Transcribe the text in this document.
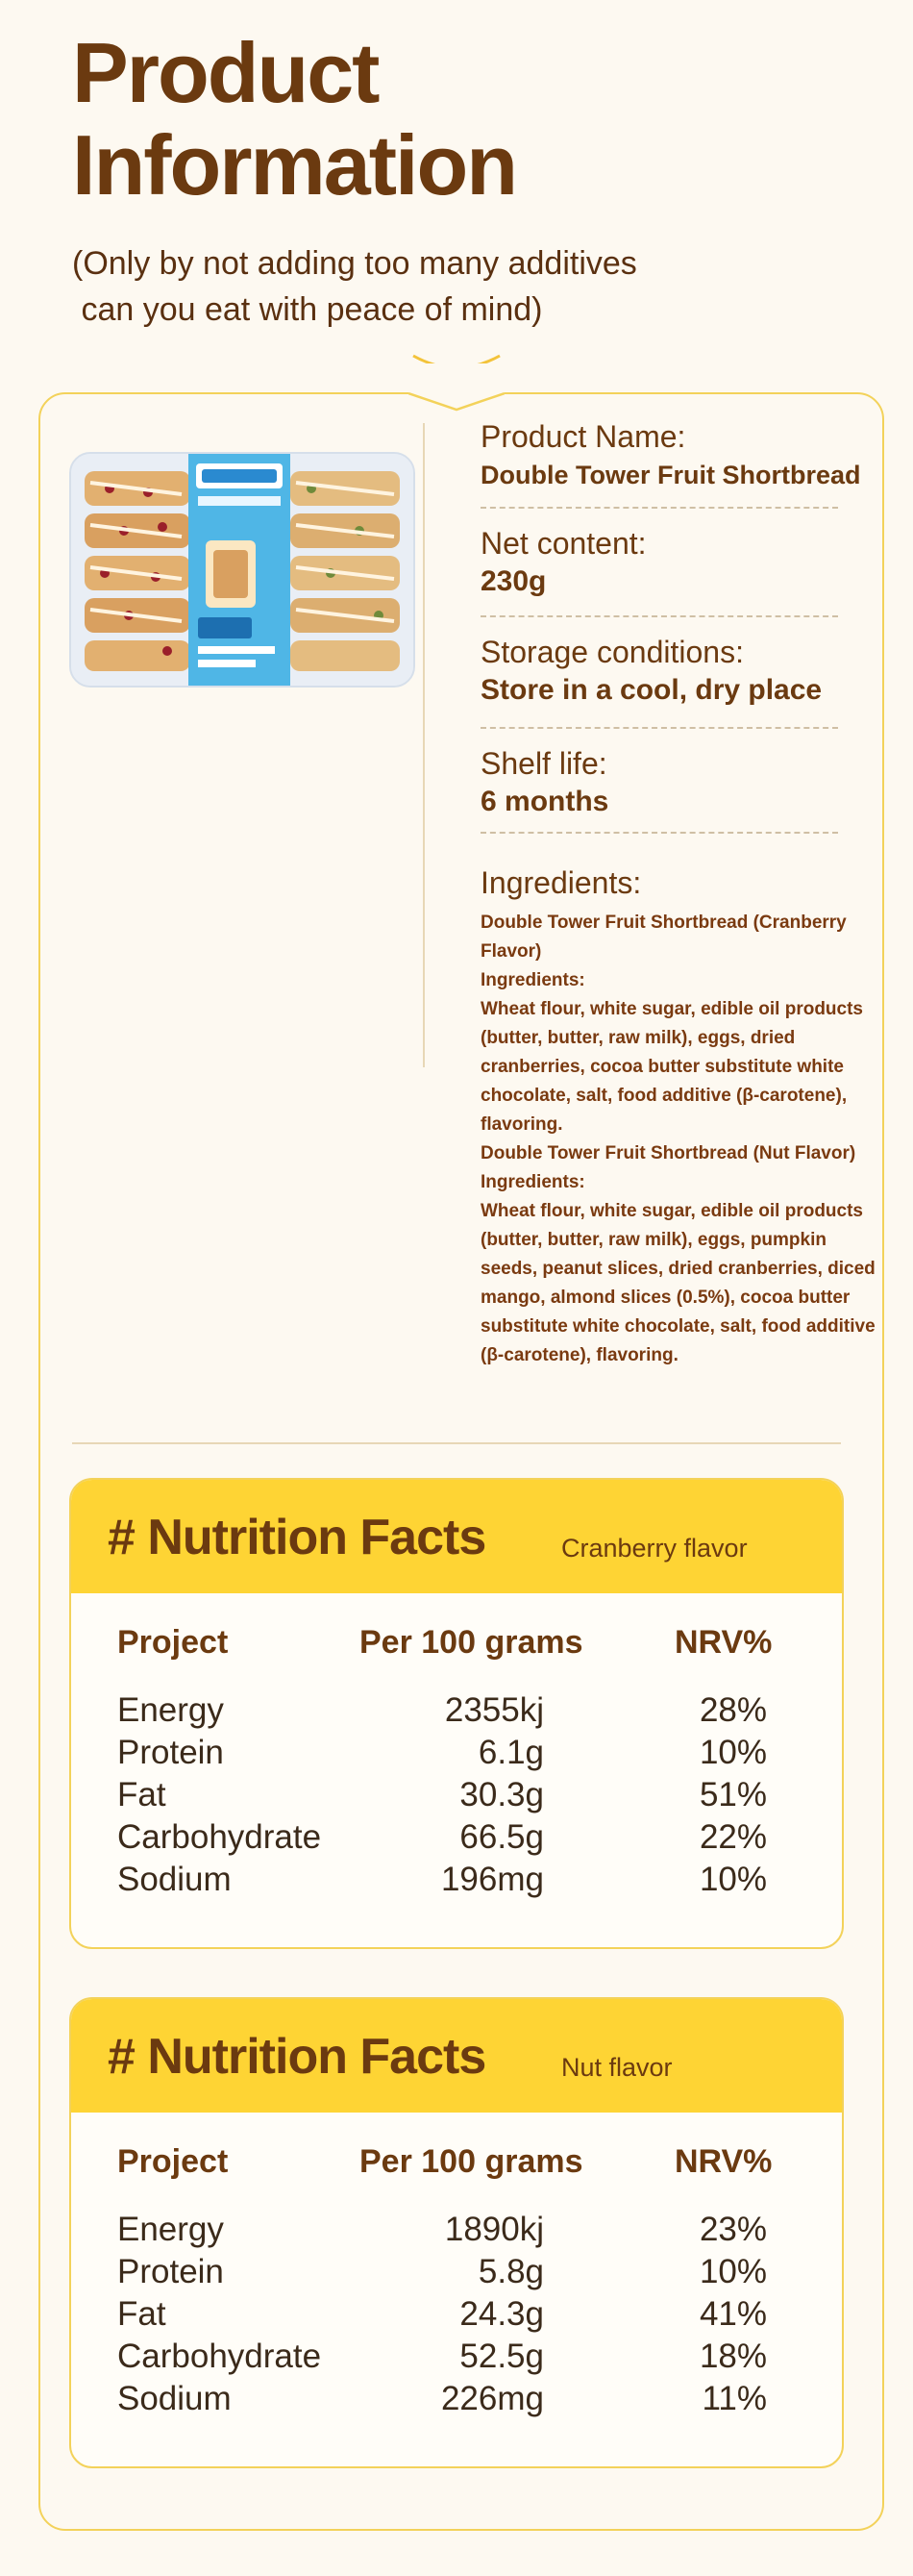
Product
Information
(Only by not adding too many additives
can you eat with peace of mind)
Product Name:
Double Tower Fruit Shortbread
Net content:
230g
Storage conditions:
Store in a cool, dry place
Shelf life:
6 months
Ingredients:

Double Tower Fruit Shortbread (Cranberry Flavor)

Ingredients:

Wheat flour, white sugar, edible oil products (butter, butter, raw milk), eggs, dried cranberries, cocoa butter substitute white chocolate, salt, food additive (β-carotene), flavoring.

Double Tower Fruit Shortbread (Nut Flavor)

Ingredients:

Wheat flour, white sugar, edible oil products (butter, butter, raw milk), eggs, pumpkin seeds, peanut slices, dried cranberries, diced mango, almond slices (0.5%), cocoa butter substitute white chocolate, salt, food additive (β-carotene), flavoring.

# Nutrition Facts	Cranberry flavor
Project	Per 100 grams	NRV%
Energy	2355kj	28%
Protein	6.1g	10%
Fat	30.3g	51%
Carbohydrate	66.5g	22%
Sodium	196mg	10%
# Nutrition Facts	Nut flavor
Project	Per 100 grams	NRV%
Energy	1890kj	23%
Protein	5.8g	10%
Fat	24.3g	41%
Carbohydrate	52.5g	18%
Sodium	226mg	11%
